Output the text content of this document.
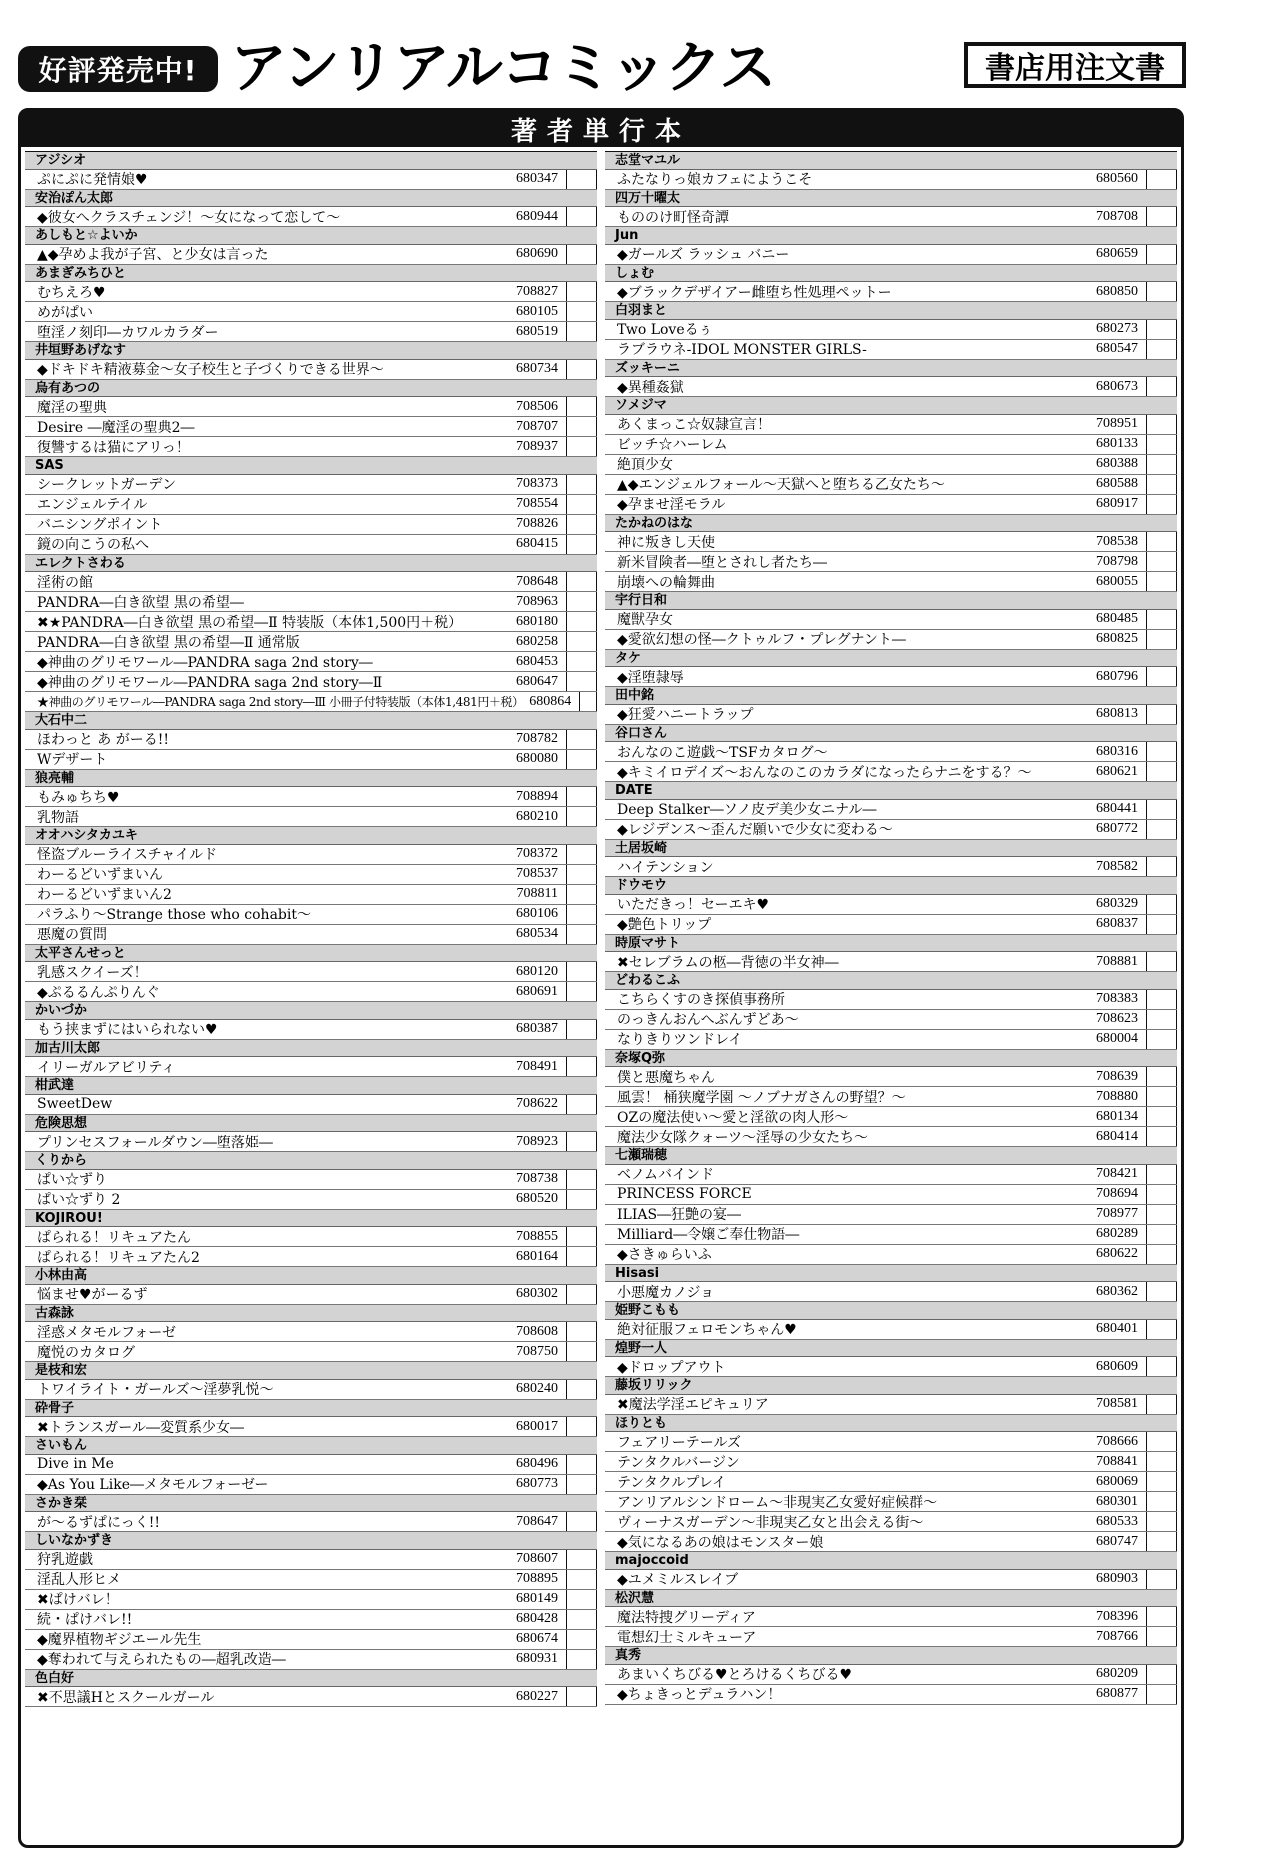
好評発売中! アンリアルコミックス	書店用注文書
著者単行本
アジシオ
ぷにぷに発情娘♥	680347
安治ぽん太郎
◆彼女へクラスチェンジ！～女になって恋して～	680944
あしもと☆よいか
▲◆孕めよ我が子宮、と少女は言った	680690
あまぎみちひと
むちえろ♥	708827
めがぱい	680105
堕淫ノ刻印―カワルカラダー	680519
井垣野あげなす
◆ドキドキ精液募金～女子校生と子づくりできる世界～	680734
烏有あつの
魔淫の聖典	708506
Desire ―魔淫の聖典2―	708707
復讐するは猫にアリっ！	708937
SAS
シークレットガーデン	708373
エンジェルテイル	708554
バニシングポイント	708826
鏡の向こうの私へ	680415
エレクトさわる
淫術の館	708648
PANDRA―白き欲望 黒の希望―	708963
✖★PANDRA―白き欲望 黒の希望―Ⅱ 特装版（本体1,500円＋税）	680180
PANDRA―白き欲望 黒の希望―Ⅱ 通常版	680258
◆神曲のグリモワール―PANDRA saga 2nd story―	680453
◆神曲のグリモワール―PANDRA saga 2nd story―Ⅱ	680647
★神曲のグリモワール―PANDRA saga 2nd story―Ⅲ 小冊子付特装版（本体1,481円＋税） 680864
大石中二
ほわっと あ がーる!!	708782
Wデザート	680080
狼亮輔
もみゅちち♥	708894
乳物語	680210
オオハシタカユキ
怪盗ブルーライスチャイルド	708372
わーるどいずまいん	708537
わーるどいずまいん2	708811
パラふり～Strange those who cohabit～	680106
悪魔の質問	680534
太平さんせっと
乳感スクイーズ！	680120
◆ぷるるんぷりんぐ	680691
かいづか
もう挟まずにはいられない♥	680387
加古川太郎
イリーガルアビリティ	708491
柑武達
SweetDew	708622
危険思想
プリンセスフォールダウン―堕落姫―	708923
くりから
ぱい☆ずり	708738
ぱい☆ずり 2	680520
KOJIROU!
ぱられる！リキュアたん	708855
ぱられる！リキュアたん2	680164
小林由高
悩ませ♥がーるず	680302
古森詠
淫惑メタモルフォーゼ	708608
魔悦のカタログ	708750
是枝和宏
トワイライト・ガールズ～淫夢乳悦～	680240
砕骨子
✖トランスガール―変質系少女―	680017
さいもん
Dive in Me	680496
◆As You Like―メタモルフォーゼー	680773
さかき栞
が～るずぱにっく!!	708647
しいなかずき
狩乳遊戯	708607
淫乱人形ヒメ	708895
✖ぱけバレ！	680149
続・ぱけバレ!!	680428
◆魔界植物ギジエール先生	680674
◆奪われて与えられたもの―超乳改造―	680931
色白好
✖不思議Hとスクールガール	680227
志堂マユル
ふたなりっ娘カフェにようこそ	680560
四万十曜太
もののけ町怪奇譚	708708
Jun
◆ガールズ ラッシュ バニー	680659
しょむ
◆ブラックデザイアー雌堕ち性処理ペットー	680850
白羽まと
Two Loveるぅ	680273
ラブラウネ-IDOL MONSTER GIRLS-	680547
ズッキーニ
◆異種姦獄	680673
ソメジマ
あくまっこ☆奴隷宣言！	708951
ビッチ☆ハーレム	680133
絶頂少女	680388
▲◆エンジェルフォール～天獄へと堕ちる乙女たち～	680588
◆孕ませ淫モラル	680917
たかねのはな
神に叛きし天使	708538
新米冒険者―堕とされし者たち―	708798
崩壊への輪舞曲	680055
宇行日和
魔獣孕女	680485
◆愛欲幻想の怪―クトゥルフ・プレグナント―	680825
タケ
◆淫堕隷辱	680796
田中銘
◆狂愛ハニートラップ	680813
谷口さん
おんなのこ遊戯～TSFカタログ～	680316
◆キミイロデイズ～おんなのこのカラダになったらナニをする？～	680621
DATE
Deep Stalker―ソノ皮デ美少女ニナル―	680441
◆レジデンス～歪んだ願いで少女に変わる～	680772
土居坂崎
ハイテンション	708582
ドウモウ
いただきっ！セーエキ♥	680329
◆艶色トリップ	680837
時原マサト
✖セレブラムの柩―背徳の半女神―	708881
どわるこふ
こちらくすのき探偵事務所	708383
のっきんおんへぶんずどあ～	708623
なりきりツンドレイ	680004
奈塚Q弥
僕と悪魔ちゃん	708639
風雲！ 桶狭魔学園 ～ノブナガさんの野望？～	708880
OZの魔法使い～愛と淫欲の肉人形～	680134
魔法少女隊クォーツ～淫辱の少女たち～	680414
七瀬瑞穂
ベノムバインド	708421
PRINCESS FORCE	708694
ILIAS―狂艶の宴―	708977
Milliard―令嬢ご奉仕物語―	680289
◆さきゅらいふ	680622
Hisasi
小悪魔カノジョ	680362
姫野こもも
絶対征服フェロモンちゃん♥	680401
煌野一人
◆ドロップアウト	680609
藤坂リリック
✖魔法学淫エピキュリア	708581
ほりとも
フェアリーテールズ	708666
テンタクルバージン	708841
テンタクルプレイ	680069
アンリアルシンドローム～非現実乙女愛好症候群～	680301
ヴィーナスガーデン～非現実乙女と出会える街～	680533
◆気になるあの娘はモンスター娘	680747
majoccoid
◆ユメミルスレイブ	680903
松沢慧
魔法特捜グリーディア	708396
電想幻士ミルキューア	708766
真秀
あまいくちびる♥とろけるくちびる♥	680209
◆ちょきっとデュラハン！	680877
